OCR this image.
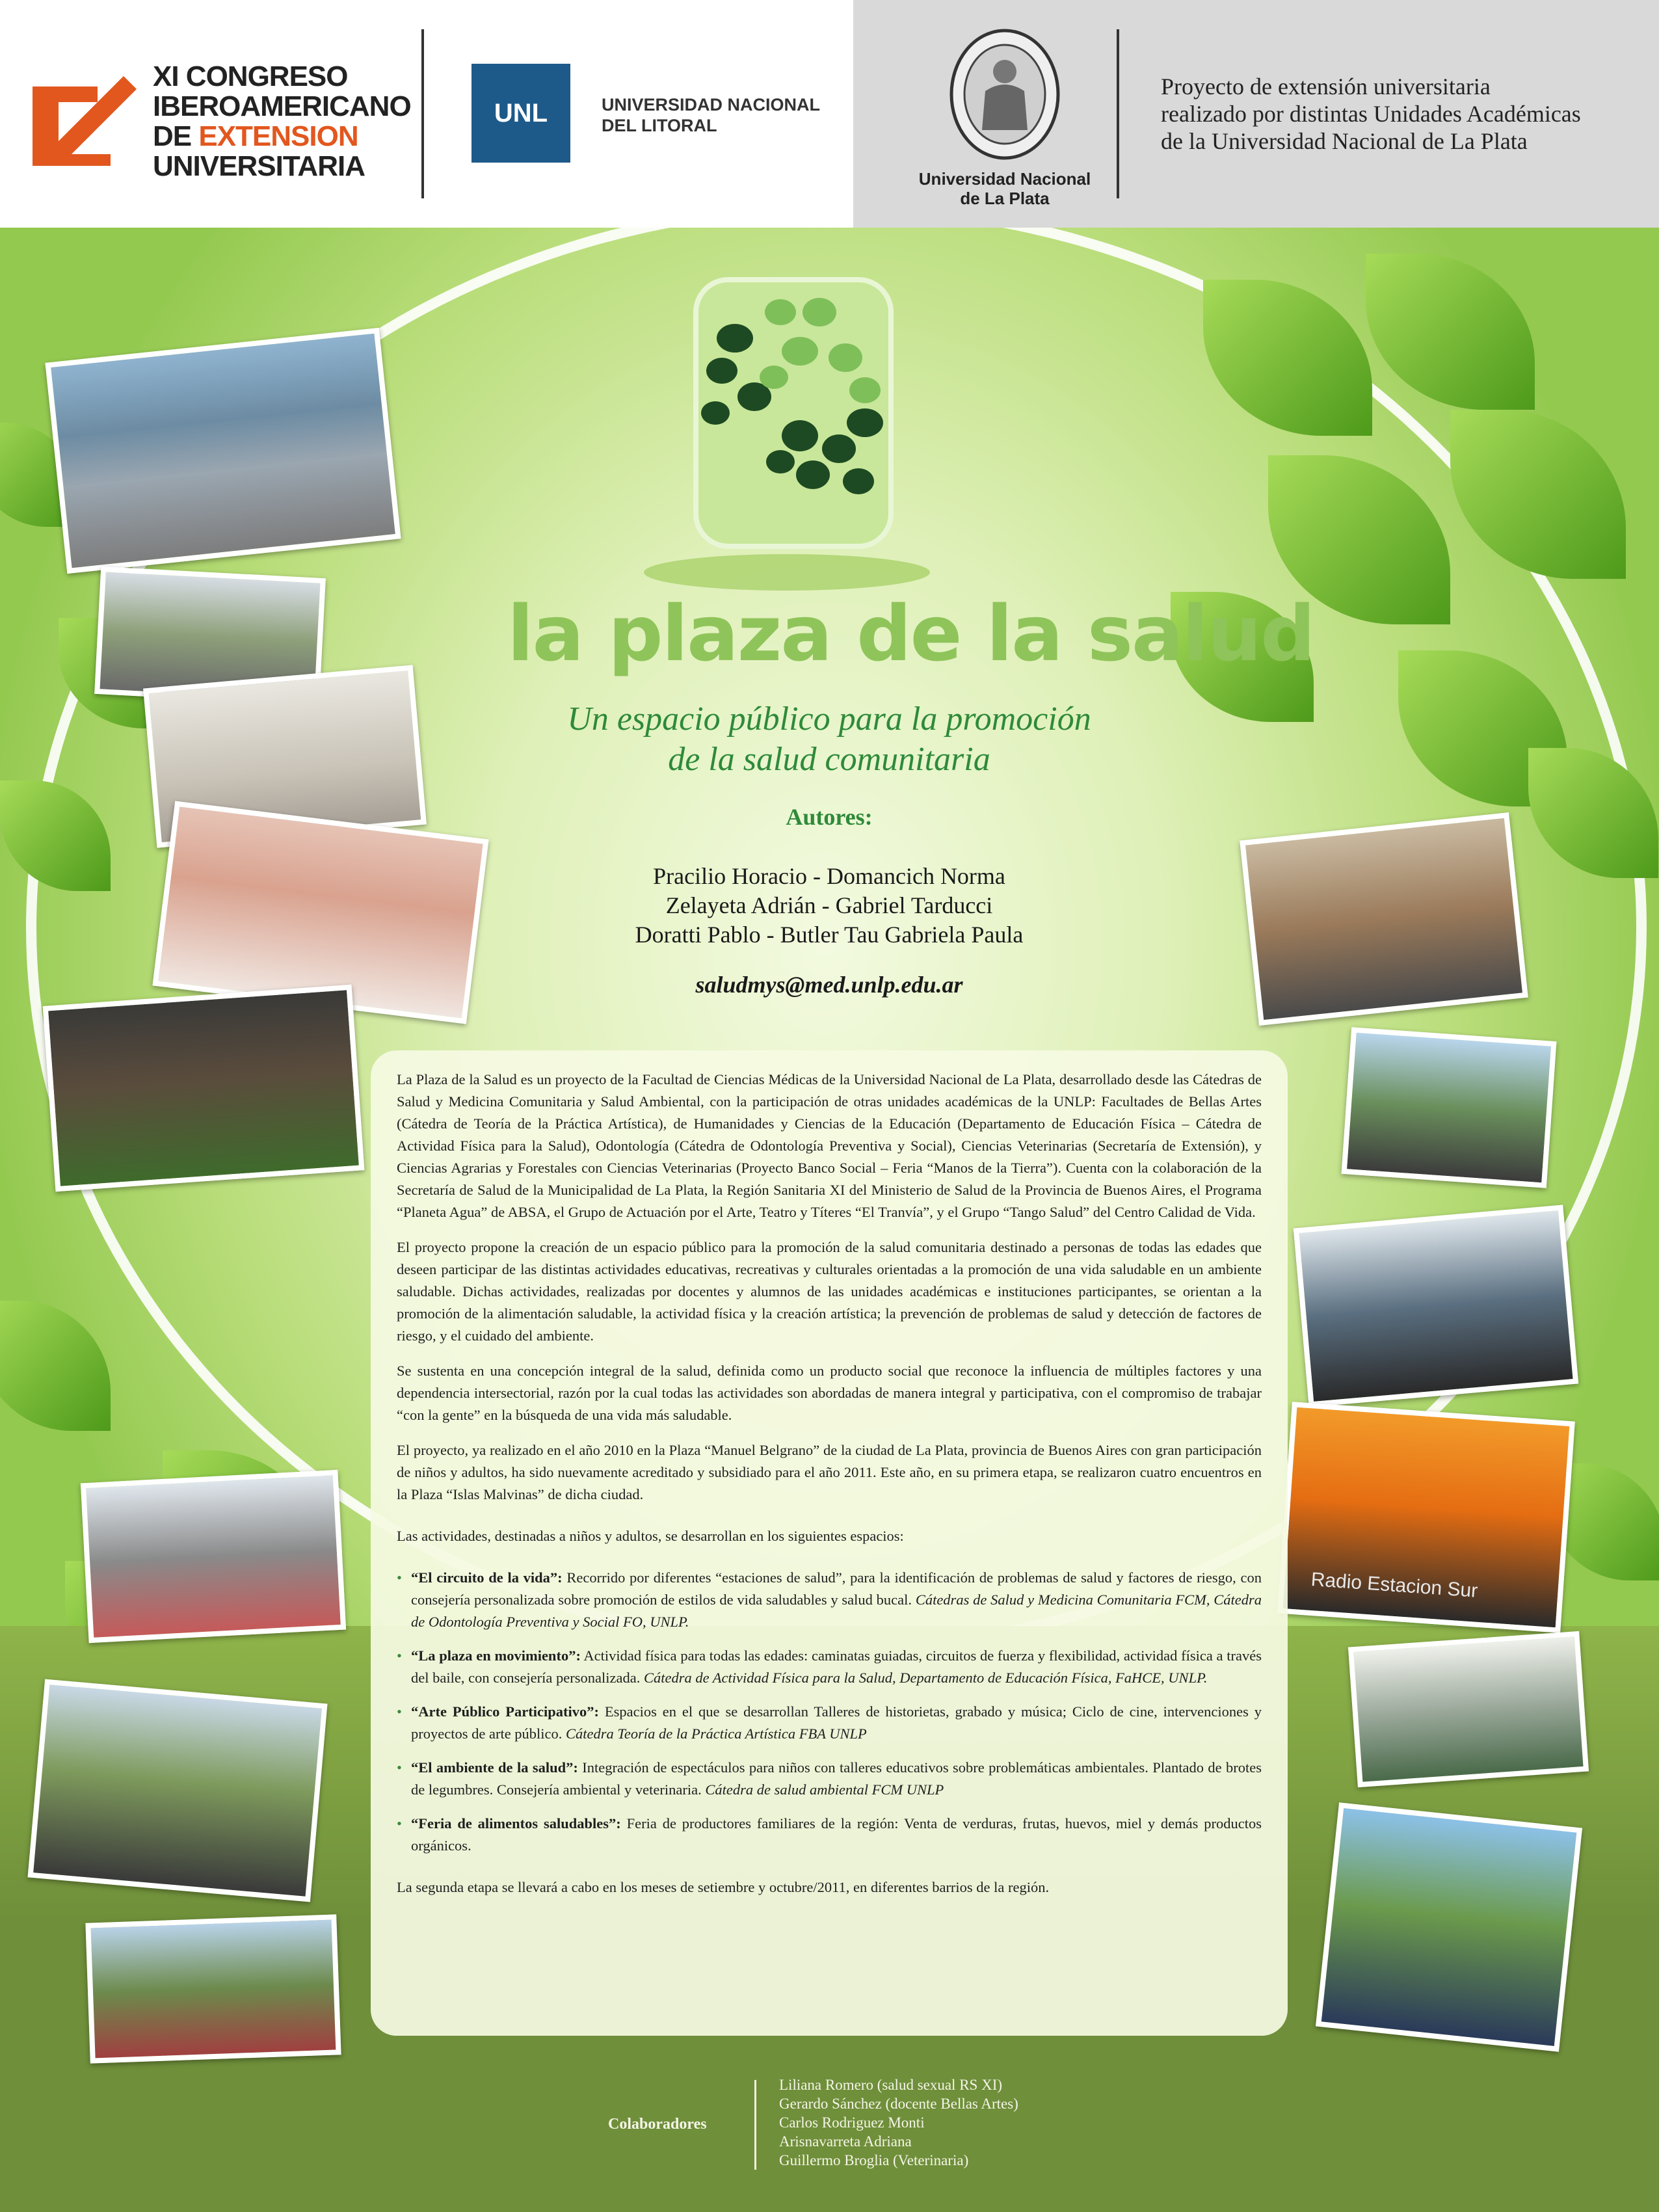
XI CONGRESO
IBEROAMERICANO
DE EXTENSION
UNIVERSITARIA
UNL	UNIVERSIDAD NACIONAL
DEL LITORAL
Universidad Nacional
de La Plata
Proyecto de extensión universitaria
realizado por distintas Unidades Académicas
de la Universidad Nacional de La Plata
la plaza de la salud
Un espacio público para la promoción
de la salud comunitaria
Autores:
Pracilio Horacio - Domancich Norma
Zelayeta Adrián - Gabriel Tarducci
Doratti Pablo - Butler Tau Gabriela Paula
saludmys@med.unlp.edu.ar
Radio Estacion Sur

La Plaza de la Salud es un proyecto de la Facultad de Ciencias Médicas de la Universidad Nacional de La Plata, desarrollado desde las Cátedras de Salud y Medicina Comunitaria y Salud Ambiental, con la participación de otras unidades académicas de la UNLP: Facultades de Bellas Artes (Cátedra de Teoría de la Práctica Artística), de Humanidades y Ciencias de la Educación (Departamento de Educación Física – Cátedra de Actividad Física para la Salud), Odontología (Cátedra de Odontología Preventiva y Social), Ciencias Veterinarias (Secretaría de Extensión), y Ciencias Agrarias y Forestales con Ciencias Veterinarias (Proyecto Banco Social – Feria “Manos de la Tierra”). Cuenta con la colaboración de la Secretaría de Salud de la Municipalidad de La Plata, la Región Sanitaria XI del Ministerio de Salud de la Provincia de Buenos Aires, el Programa “Planeta Agua” de ABSA, el Grupo de Actuación por el Arte, Teatro y Títeres “El Tranvía”, y el Grupo “Tango Salud” del Centro Calidad de Vida.

El proyecto propone la creación de un espacio público para la promoción de la salud comunitaria destinado a personas de todas las edades que deseen participar de las distintas actividades educativas, recreativas y culturales orientadas a la promoción de una vida saludable en un ambiente saludable. Dichas actividades, realizadas por docentes y alumnos de las unidades académicas e instituciones participantes, se orientan a la promoción de la alimentación saludable, la actividad física y la creación artística; la prevención de problemas de salud y detección de factores de riesgo, y el cuidado del ambiente.

Se sustenta en una concepción integral de la salud, definida como un producto social que reconoce la influencia de múltiples factores y una dependencia intersectorial, razón por la cual todas las actividades son abordadas de manera integral y participativa, con el compromiso de trabajar “con la gente” en la búsqueda de una vida más saludable.

El proyecto, ya realizado en el año 2010 en la Plaza “Manuel Belgrano” de la ciudad de La Plata, provincia de Buenos Aires con gran participación de niños y adultos, ha sido nuevamente acreditado y subsidiado para el año 2011. Este año, en su primera etapa, se realizaron cuatro encuentros en la Plaza “Islas Malvinas” de dicha ciudad.

Las actividades, destinadas a niños y adultos, se desarrollan en los siguientes espacios:

• “El circuito de la vida”: Recorrido por diferentes “estaciones de salud”, para la identificación de problemas de salud y factores de riesgo, con consejería personalizada sobre promoción de estilos de vida saludables y salud bucal. Cátedras de Salud y Medicina Comunitaria FCM, Cátedra de Odontología Preventiva y Social FO, UNLP.
• “La plaza en movimiento”: Actividad física para todas las edades: caminatas guiadas, circuitos de fuerza y flexibilidad, actividad física a través del baile, con consejería personalizada. Cátedra de Actividad Física para la Salud, Departamento de Educación Física, FaHCE, UNLP.
• “Arte Público Participativo”: Espacios en el que se desarrollan Talleres de historietas, grabado y música; Ciclo de cine, intervenciones y proyectos de arte público. Cátedra Teoría de la Práctica Artística FBA UNLP
• “El ambiente de la salud”: Integración de espectáculos para niños con talleres educativos sobre problemáticas ambientales. Plantado de brotes de legumbres. Consejería ambiental y veterinaria. Cátedra de salud ambiental FCM UNLP
• “Feria de alimentos saludables”: Feria de productores familiares de la región: Venta de verduras, frutas, huevos, miel y demás productos orgánicos.

La segunda etapa se llevará a cabo en los meses de setiembre y octubre/2011, en diferentes barrios de la región.

Colaboradores
Liliana Romero (salud sexual RS XI)
Gerardo Sánchez (docente Bellas Artes)
Carlos Rodriguez Monti
Arisnavarreta Adriana
Guillermo Broglia (Veterinaria)
